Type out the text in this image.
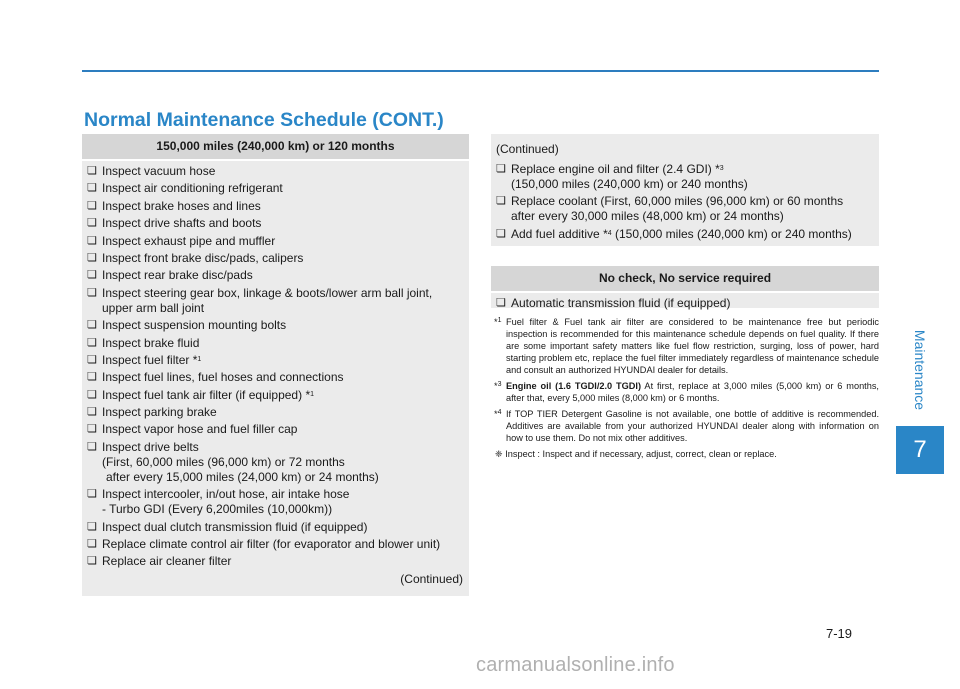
Normal Maintenance Schedule (CONT.)
150,000 miles (240,000 km) or 120 months
❏ Inspect vacuum hose
❏ Inspect air conditioning refrigerant
❏ Inspect brake hoses and lines
❏ Inspect drive shafts and boots
❏ Inspect exhaust pipe and muffler
❏ Inspect front brake disc/pads, calipers
❏ Inspect rear brake disc/pads
❏ Inspect steering gear box, linkage & boots/lower arm ball joint,
upper arm ball joint
❏ Inspect suspension mounting bolts
❏ Inspect brake fluid
❏ Inspect fuel filter *$^1$
❏ Inspect fuel lines, fuel hoses and connections
❏ Inspect fuel tank air filter (if equipped) *$^1$
❏ Inspect parking brake
❏ Inspect vapor hose and fuel filler cap
❏ Inspect drive belts
(First, 60,000 miles (96,000 km) or 72 months
after every 15,000 miles (24,000 km) or 24 months)
❏ Inspect intercooler, in/out hose, air intake hose
- Turbo GDI (Every 6,200miles (10,000km))
❏ Inspect dual clutch transmission fluid (if equipped)
❏ Replace climate control air filter (for evaporator and blower unit)
❏ Replace air cleaner filter
(Continued)
(Continued)
❏ Replace engine oil and filter (2.4 GDI) *$^3$
(150,000 miles (240,000 km) or 240 months)
❏ Replace coolant (First, 60,000 miles (96,000 km) or 60 months
after every 30,000 miles (48,000 km) or 24 months)
❏ Add fuel additive *$^4$ (150,000 miles (240,000 km) or 240 months)
No check, No service required
❏ Automatic transmission fluid (if equipped)
*$^1$ Fuel filter & Fuel tank air filter are considered to be maintenance free but periodic inspection is recommended for this maintenance schedule depends on fuel quality. If there are some important safety matters like fuel flow restriction, surging, loss of power, hard starting problem etc, replace the fuel filter immediately regardless of maintenance schedule and consult an authorized HYUNDAI dealer for details.
*$^3$ Engine oil (1.6 TGDI/2.0 TGDI) At first, replace at 3,000 miles (5,000 km) or 6 months, after that, every 5,000 miles (8,000 km) or 6 months.
*$^4$ If TOP TIER Detergent Gasoline is not available, one bottle of additive is recommended. Additives are available from your authorized HYUNDAI dealer along with information on how to use them. Do not mix other additives.
❈ Inspect : Inspect and if necessary, adjust, correct, clean or replace.
Maintenance
7
7-19
carmanualsonline.info
